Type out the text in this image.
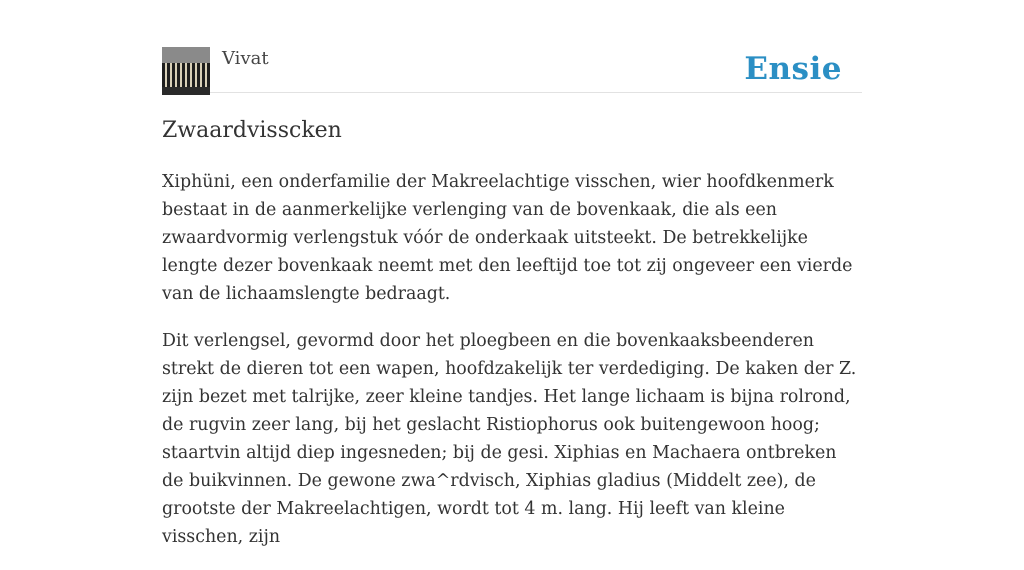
Vivat	Ensie
Zwaardvisscken

Xiphüni, een onderfamilie der Makreelachtige visschen, wier hoofdkenmerk bestaat in de aanmerkelijke verlenging van de bovenkaak, die als een zwaardvormig verlengstuk vóór de onderkaak uitsteekt. De betrekkelijke lengte dezer bovenkaak neemt met den leeftijd toe tot zij ongeveer een vierde van de lichaamslengte bedraagt.

Dit verlengsel, gevormd door het ploegbeen en die bovenkaaksbeenderen strekt de dieren tot een wapen, hoofdzakelijk ter verdediging. De kaken der Z. zijn bezet met talrijke, zeer kleine tandjes. Het lange lichaam is bijna rolrond, de rugvin zeer lang, bij het geslacht Ristiophorus ook buitengewoon hoog; staartvin altijd diep ingesneden; bij de gesi. Xiphias en Machaera ontbreken de buikvinnen. De gewone zwa^rdvisch, Xiphias gladius (Middelt zee), de grootste der Makreelachtigen, wordt tot 4 m. lang. Hij leeft van kleine visschen, zijn
